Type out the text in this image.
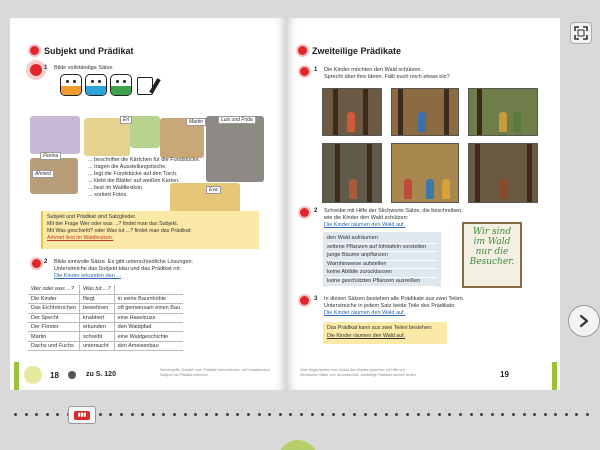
Subjekt und Prädikat
1 Bilde vollständige Sätze.
Erl	Martin	Luis und Frida
Ahmed
Florina
Eva
... beschriftet die Kärtchen für die Fundstücke.
... tragen die Ausstellungstische.
... legt die Fundstücke auf den Tisch.
... klebt die Blätter auf weißen Karton.
... liest im Waldlexikon.
... sortiert Fotos.
Subjekt und Prädikat sind Satzglieder.
Mit der Frage Wer oder was ...? findet man das Subjekt.
Mit Was geschieht? oder Was tut ...? findet man das Prädikat:
Arhmet liest im Waldlexikon.
2 Bilde sinnvolle Sätze. Es gibt unterschiedliche Lösungen.
Unterstreiche das Subjekt blau und das Prädikat rot:
Die Kinder erkunden den ...
Wer oder was ...?	Was tut ...?	
Die Kinder	fliegt	in seine Baumhöhle
Das Eichhörnchen	bewohnen	oft gemeinsam einen Bau
Der Specht	knabbert	eine Haselnuss
Der Förster	erkunden	den Waldpfad
Martin	schreibt	eine Waldgeschichte
Dachs und Fuchs	untersucht	den Ameisenbau
18	zu S. 120
Sachbegriffe „Subjekt“ und „Prädikat“ kennenlernen, mit Umstellproben Subjekt und Prädikat erkennen.
Zweiteilige Prädikate
1 Die Kinder möchten den Wald schützen.
Sprecht über ihre Ideen. Fällt euch noch etwas ein?
2 Schreibe mit Hilfe der Stichworte Sätze, die beschreiben,
wie die Kinder den Wald schützen:
Die Kinder räumen den Wald auf.
den Wald aufräumen
seltene Pflanzen auf Infotafeln vorstellen
junge Bäume anpflanzen
Warnhinweise aufstellen
keine Abfälle zurücklassen
keine geschützten Pflanzen ausreißen
Wir sind im Wald nur die Besucher.
3 In diesen Sätzen bestehen alle Prädikate aus zwei Teilen.
Unterstreiche in jedem Satz beide Teile des Prädikats:
Die Kinder räumen den Wald auf.
Das Prädikat kann aus zwei Teilen bestehen:
Die Kinder räumen den Wald auf.
Über Möglichkeiten zum Schutz des Waldes sprechen, mit Hilfe von Stichworten Sätze zum Umweltschutz, zweiteilige Prädikate kennen lernen.	19
▮▮▮
